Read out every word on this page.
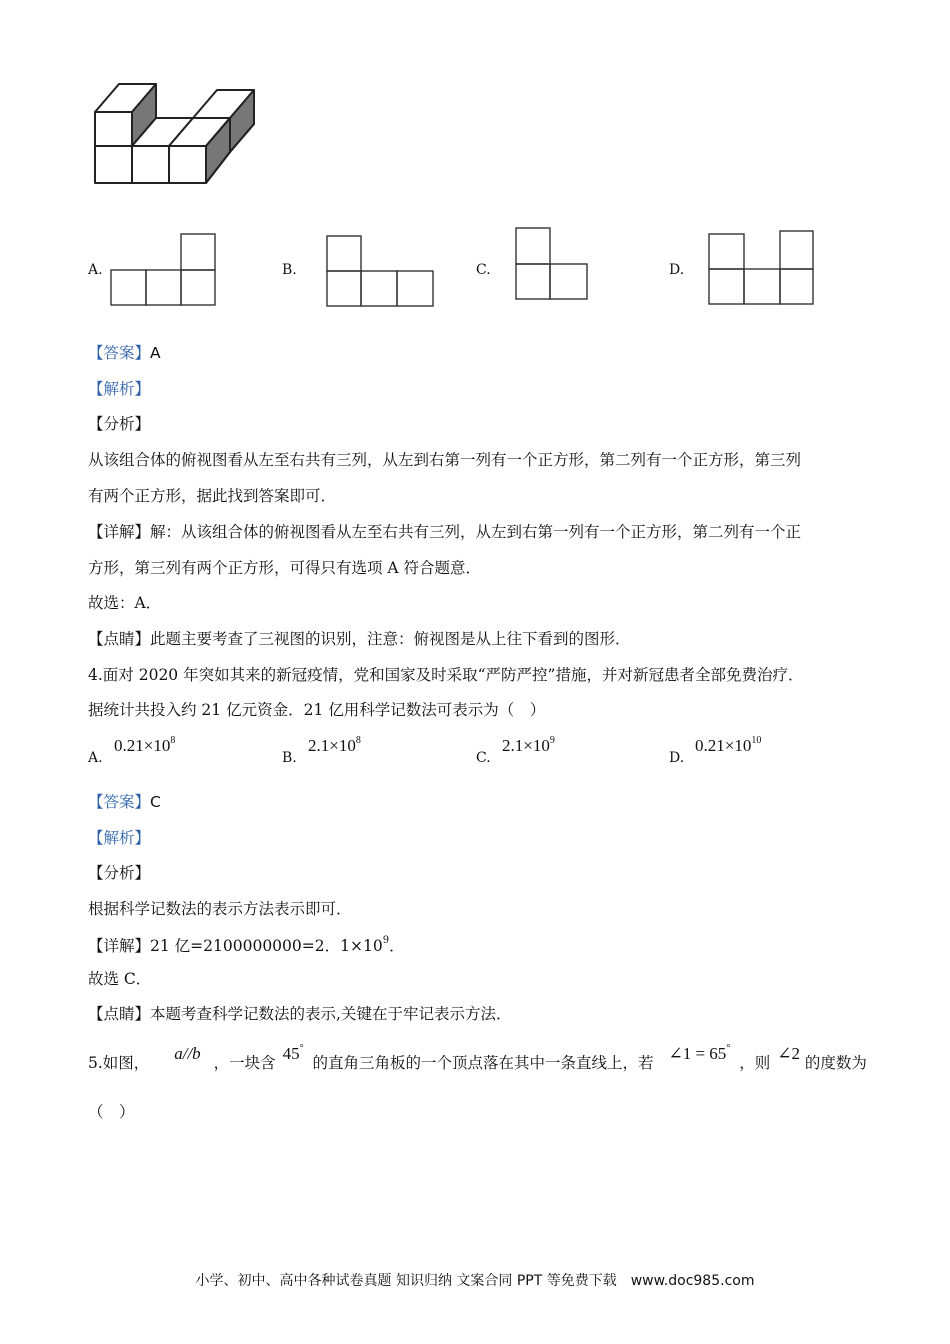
A.	B.	C.	D.
【答案】A
【解析】
【分析】
从该组合体的俯视图看从左至右共有三列，从左到右第一列有一个正方形，第二列有一个正方形，第三列
有两个正方形，据此找到答案即可．
【详解】解：从该组合体的俯视图看从左至右共有三列，从左到右第一列有一个正方形，第二列有一个正
方形，第三列有两个正方形，可得只有选项 A 符合题意．
故选：A．
【点睛】此题主要考查了三视图的识别，注意：俯视图是从上往下看到的图形．
4.面对 2020 年突如其来的新冠疫情，党和国家及时采取“严防严控”措施，并对新冠患者全部免费治疗．
据统计共投入约 21 亿元资金．21 亿用科学记数法可表示为（　）
A.
$0.21\times 10^8$
B.
$2.1\times 10^8$
C.
$2.1\times 10^9$
D.
$0.21\times 10^{10}$
【答案】C
【解析】
【分析】
根据科学记数法的表示方法表示即可．
【详解】21 亿=2100000000=2．$1\times 10^9$．
故选 C．
【点睛】本题考查科学记数法的表示,关键在于牢记表示方法．
5.如图， a//b ，一块含 45° 的直角三角板的一个顶点落在其中一条直线上，若 ∠1 = 65° ，则 ∠2 的度数为
（　）
小学、初中、高中各种试卷真题 知识归纳 文案合同 PPT 等免费下载　www.doc985.com
